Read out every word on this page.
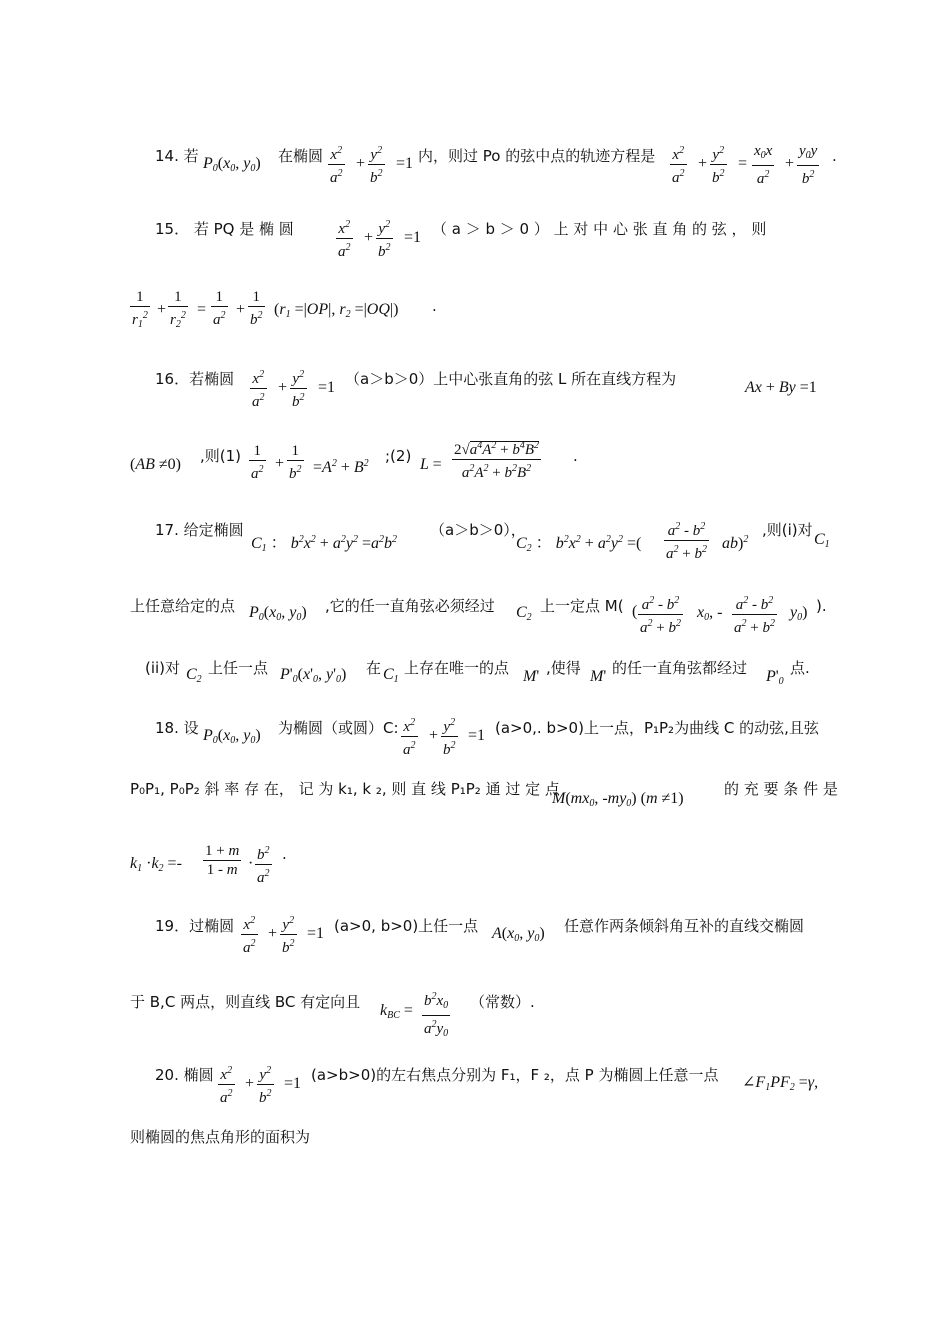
14. 若 $P_0(x_0$, $y_0$) 在椭圆 $\frac{x^2}{a^2} + \frac{y^2}{b^2} =1$ 内，则过 Po 的弦中点的轨迹方程是 $\frac{x^2}{a^2} + \frac{y^2}{b^2} = \frac{x_0x}{a^2} + \frac{y_0y}{b^2}$ .
15． 若 PQ 是 椭 圆	$\frac{x^2}{a^2} + \frac{y^2}{b^2} =1$ （ a ＞ b ＞ 0 ） 上 对 中 心 张 直 角 的 弦 ， 则
$\frac{1}{r_1^2} + \frac{1}{r_2^2} = \frac{1}{a^2} + \frac{1}{b^2} (r_1 =|OP|$, $r_2 =|OQ|$) .
16．若椭圆 $\frac{x^2}{a^2} + \frac{y^2}{b^2} =1$ （a＞b＞0）上中心张直角的弦 L 所在直线方程为	Ax + By =1
(AB ≠0) ,则$(1) \frac{1}{a^2} + \frac{1}{b^2} =A^2 + B^2$ ;(2) $L = \frac{2√a^4A^2 + b^4B^2}{a^2A^2 + b^2B^2}$ .
17. 给定椭圆
$C_1$ ： $b^2x^2 + a^2y^2 =a^2b^2$
（a＞b＞0），
$C_2$ ： $b^2x^2 + a^2y^2$ =( $\frac{a^2 - b^2}{a^2 + b^2} ab)^2$
,则(i)对
$C_1$
上任意给定的点 $P_0(x_0$, $y_0$) ,它的任一直角弦必须经过 $C_2$
上一定点 M( ( $\frac{a^2 - b^2}{a^2 + b^2} x_0$, - $\frac{a^2 - b^2}{a^2 + b^2} y_0$) ).
(ii)对 $C_2$
上任一点 $P'_0(x'_0$, $y'_0$) 在 $C_1$
上存在唯一的点 M' ,使得 M' 的任一直角弦都经过 $P'_0$
点.
18. 设 $P_0(x_0$, $y_0$) 为椭圆（或圆）C: $\frac{x^2}{a^2} + \frac{y^2}{b^2} =1$ (a>0,. b>0)上一点，P₁P₂为曲线 C 的动弦,且弦
P₀P₁, P₀P₂ 斜 率 存 在， 记 为 k₁, k ₂, 则 直 线 P₁P₂ 通 过 定 点
$M(mx_0$, $-my_0$) (m ≠1)
的 充 要 条 件 是
$k_1 \cdot k_2 =- \frac{1 + m}{1 - m} \cdot \frac{b^2}{a^2}$ .
19．过椭圆 $\frac{x^2}{a^2} + \frac{y^2}{b^2} =1$ (a>0, b>0)上任一点 $A(x_0$, $y_0$) 任意作两条倾斜角互补的直线交椭圆
于 B,C 两点，则直线 BC 有定向且 $k_{BC} = \frac{b^2x_0}{a^2y_0}$ （常数）.
20. 椭圆 $\frac{x^2}{a^2} + \frac{y^2}{b^2} =1$ (a>b>0)的左右焦点分别为 F₁，F ₂，点 P 为椭圆上任意一点 $\angle F_1PF_2 =\gamma$,
则椭圆的焦点角形的面积为
